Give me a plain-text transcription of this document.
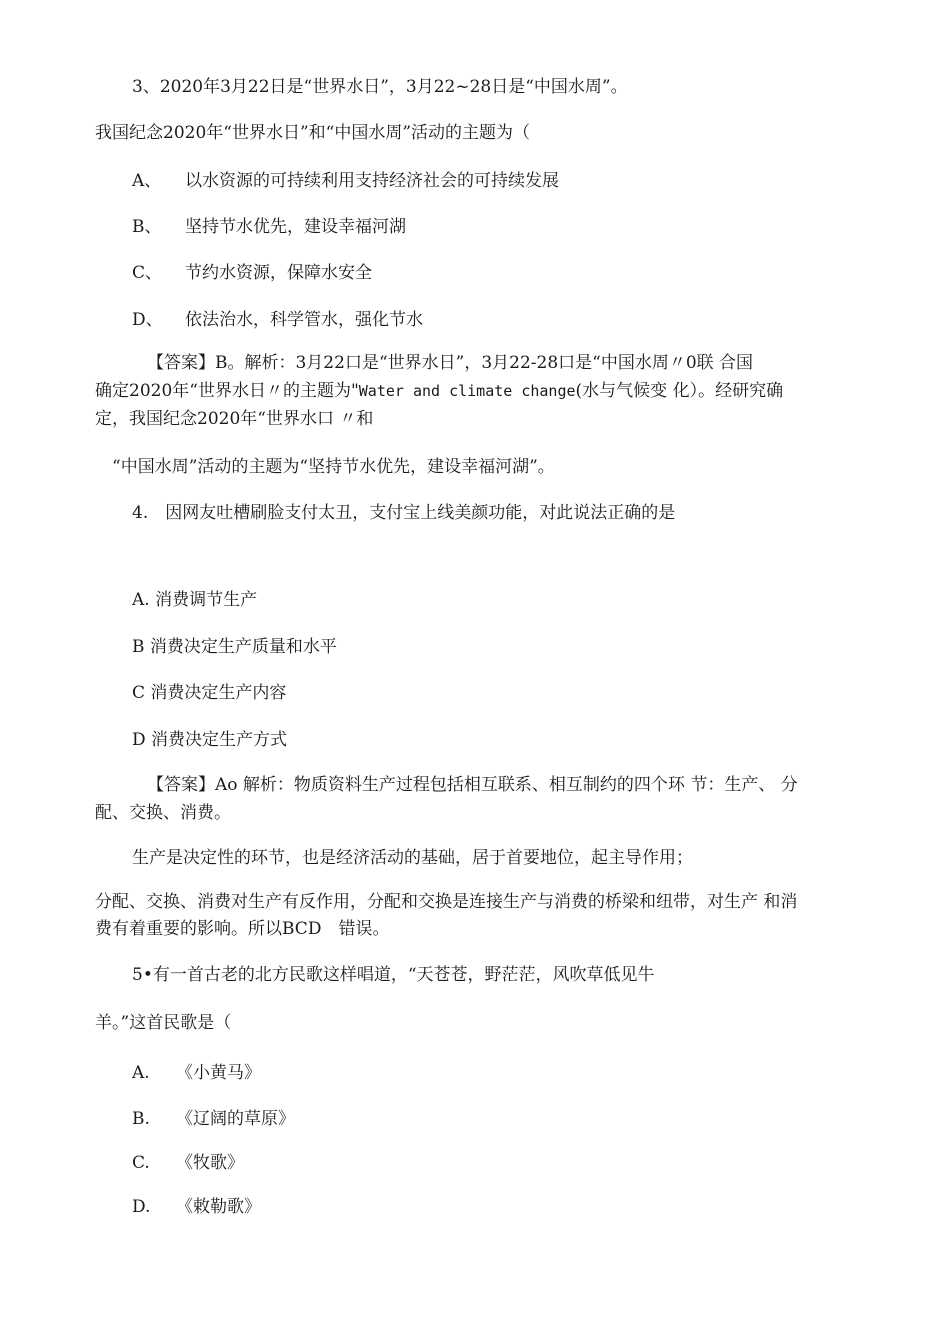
3、2020年3月22日是“世界水日”，3月22~28日是“中国水周”。
我国纪念2020年“世界水日”和“中国水周”活动的主题为（
A、 以水资源的可持续利用支持经济社会的可持续发展
B、 坚持节水优先，建设幸福河湖
C、 节约水资源，保障水安全
D、 依法治水，科学管水，强化节水
【答案】B。解析：3月22口是“世界水日”，3月22-28口是“中国水周〃0联 合国
确定2020年“世界水日〃的主题为"Water and climate change(水与气候变 化）。经研究确
定，我国纪念2020年“世界水口 〃和
“中国水周”活动的主题为“坚持节水优先，建设幸福河湖”。
4.　因网友吐槽刷脸支付太丑，支付宝上线美颜功能，对此说法正确的是
A. 消费调节生产
B 消费决定生产质量和水平
C 消费决定生产内容
D 消费决定生产方式
【答案】Ao 解析：物质资料生产过程包括相互联系、相互制约的四个环 节：生产、 分
配、交换、消费。
生产是决定性的环节，也是经济活动的基础，居于首要地位，起主导作用；
分配、交换、消费对生产有反作用，分配和交换是连接生产与消费的桥梁和纽带，对生产 和消
费有着重要的影响。所以BCD　错误。
5•有一首古老的北方民歌这样唱道，“天苍苍，野茫茫，风吹草低见牛
羊。”这首民歌是（
A. 《小黄马》
B. 《辽阔的草原》
C. 《牧歌》
D. 《敕勒歌》
